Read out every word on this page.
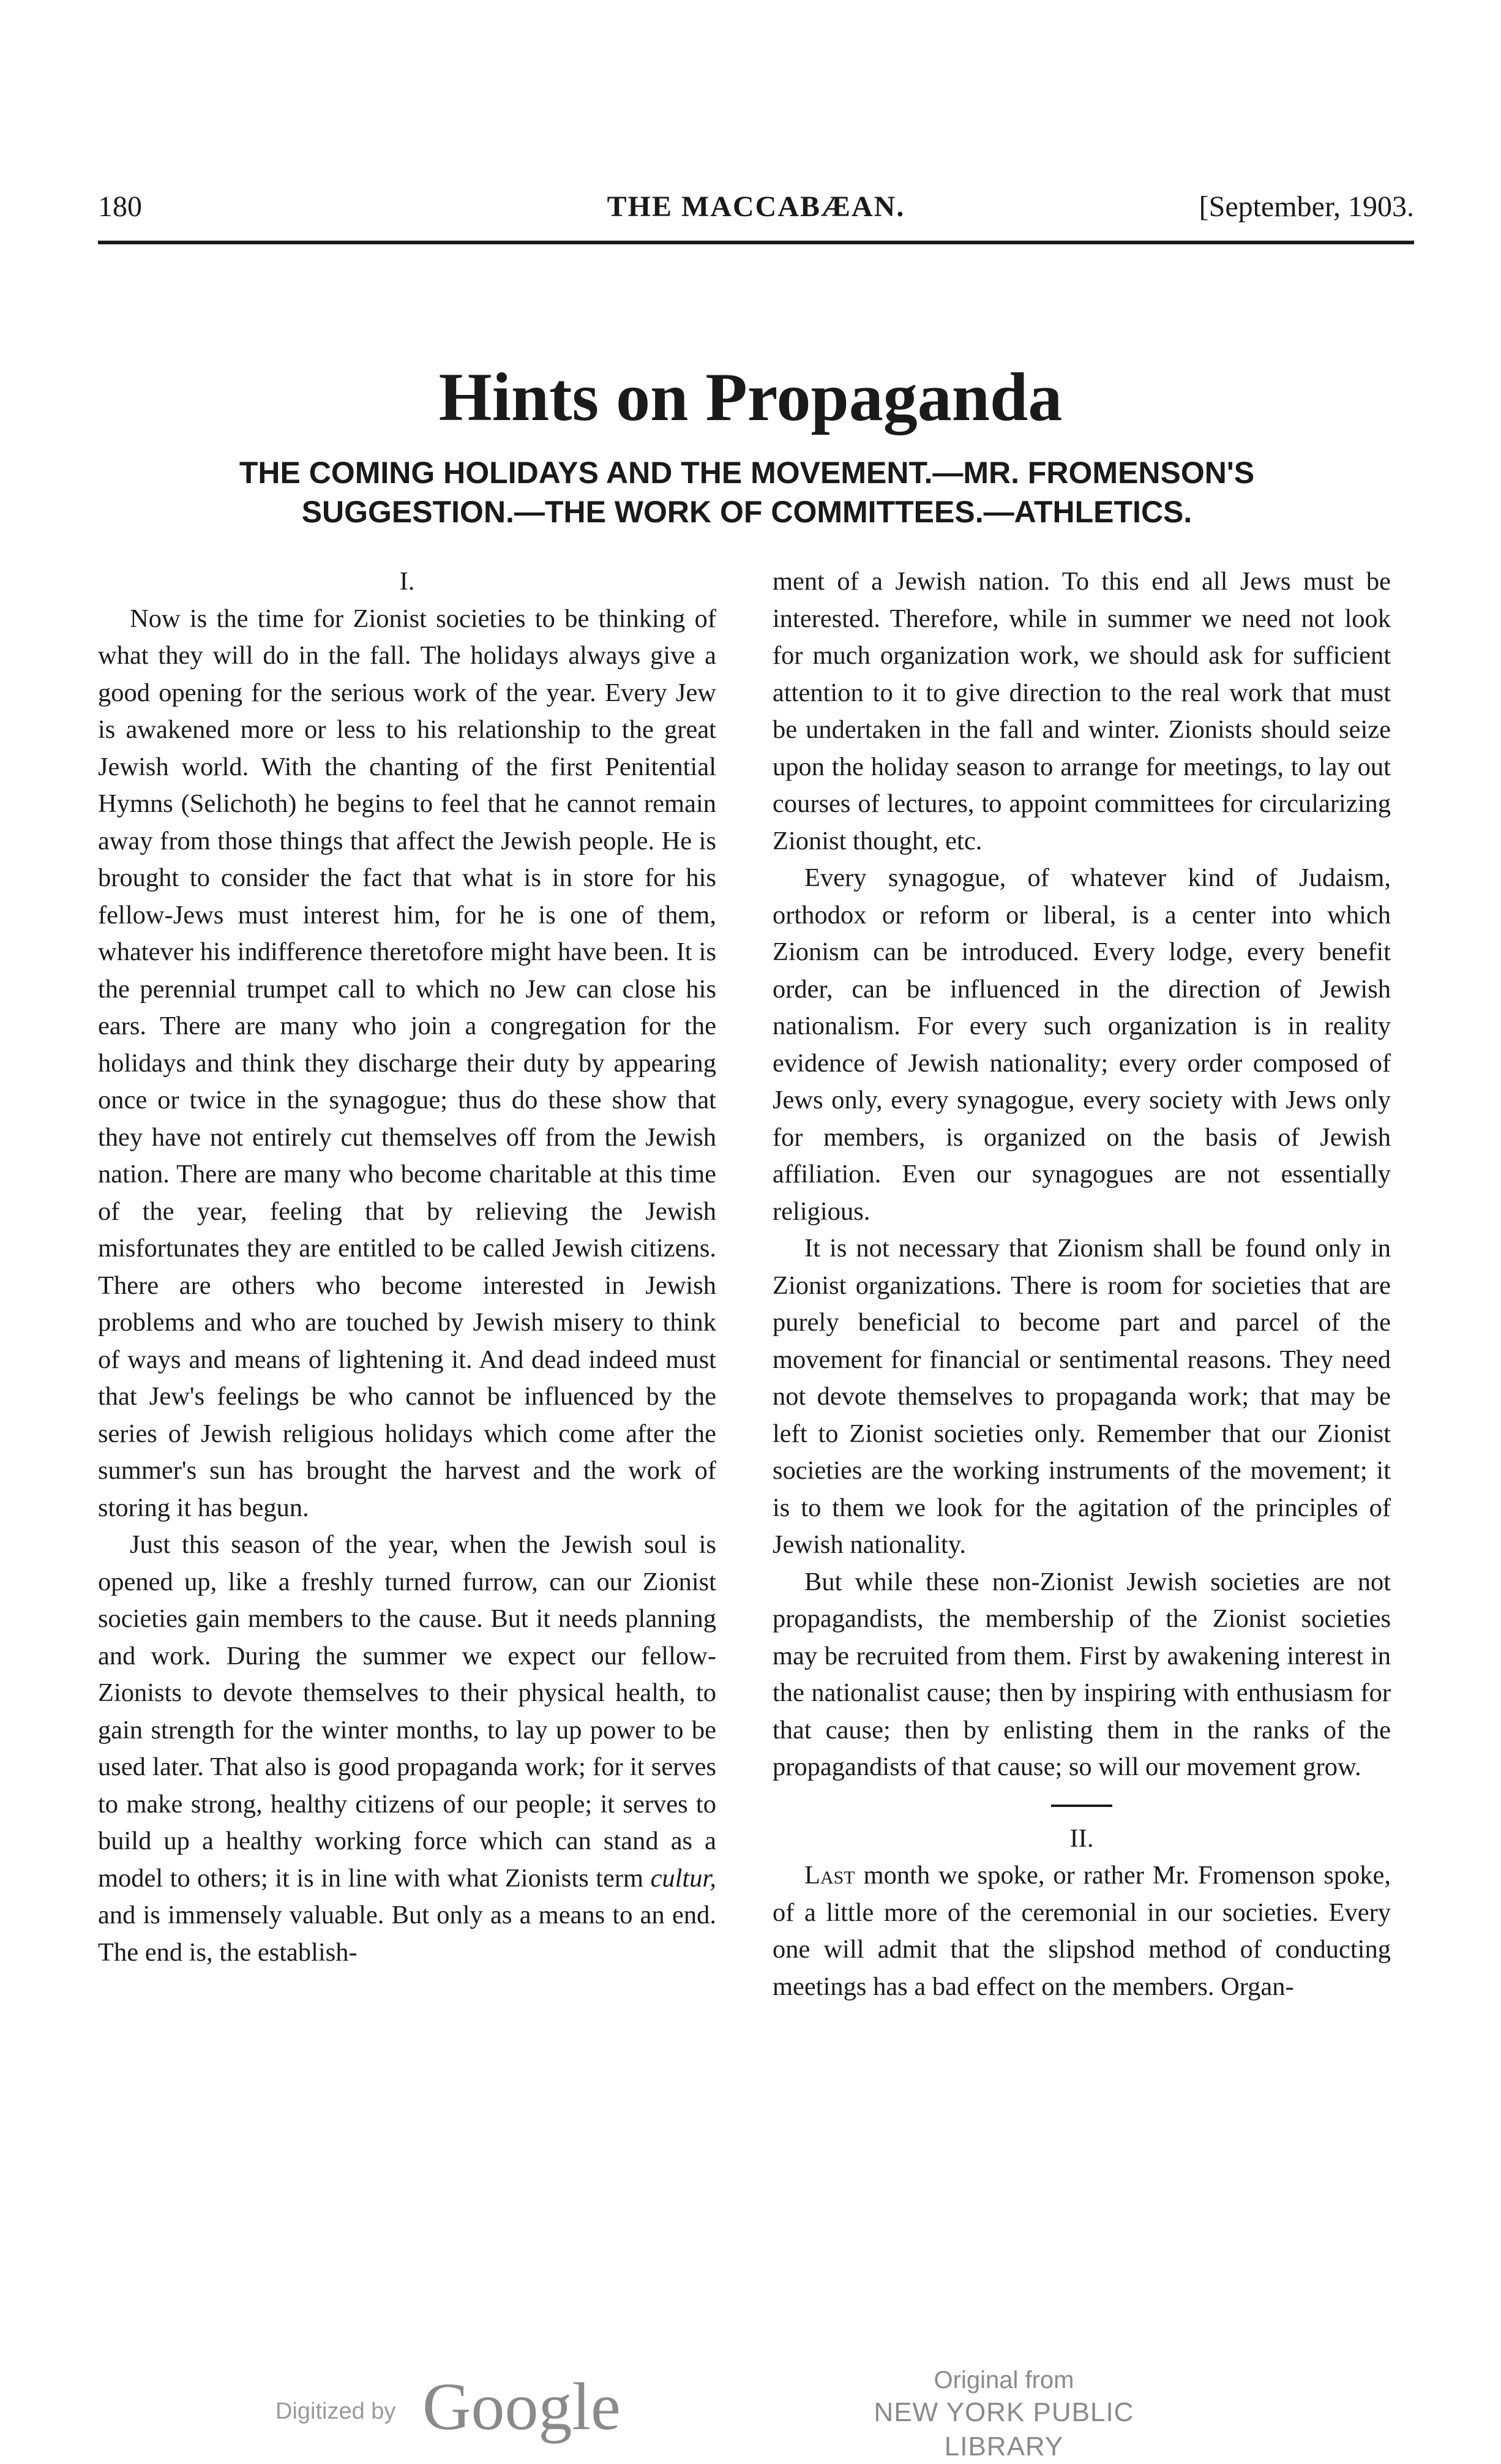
180	THE MACCABÆAN.	[September, 1903.
Hints on Propaganda
THE COMING HOLIDAYS AND THE MOVEMENT.—MR. FROMENSON'S SUGGESTION.—THE WORK OF COMMITTEES.—ATHLETICS.

I.

Now is the time for Zionist societies to be thinking of what they will do in the fall. The holidays always give a good opening for the serious work of the year. Every Jew is awakened more or less to his relationship to the great Jewish world. With the chanting of the first Penitential Hymns (Selichoth) he begins to feel that he cannot remain away from those things that affect the Jewish people. He is brought to consider the fact that what is in store for his fellow-Jews must interest him, for he is one of them, whatever his indifference theretofore might have been. It is the perennial trumpet call to which no Jew can close his ears. There are many who join a congregation for the holidays and think they discharge their duty by appearing once or twice in the synagogue; thus do these show that they have not entirely cut themselves off from the Jewish nation. There are many who become charitable at this time of the year, feeling that by relieving the Jewish misfortunates they are entitled to be called Jewish citizens. There are others who become interested in Jewish problems and who are touched by Jewish misery to think of ways and means of lightening it. And dead indeed must that Jew's feelings be who cannot be influenced by the series of Jewish religious holidays which come after the summer's sun has brought the harvest and the work of storing it has begun.

Just this season of the year, when the Jewish soul is opened up, like a freshly turned furrow, can our Zionist societies gain members to the cause. But it needs planning and work. During the summer we expect our fellow-Zionists to devote themselves to their physical health, to gain strength for the winter months, to lay up power to be used later. That also is good propaganda work; for it serves to make strong, healthy citizens of our people; it serves to build up a healthy working force which can stand as a model to others; it is in line with what Zionists term cultur, and is immensely valuable. But only as a means to an end. The end is, the establish-

ment of a Jewish nation. To this end all Jews must be interested. Therefore, while in summer we need not look for much organization work, we should ask for sufficient attention to it to give direction to the real work that must be undertaken in the fall and winter. Zionists should seize upon the holiday season to arrange for meetings, to lay out courses of lectures, to appoint committees for circularizing Zionist thought, etc.

Every synagogue, of whatever kind of Judaism, orthodox or reform or liberal, is a center into which Zionism can be introduced. Every lodge, every benefit order, can be influenced in the direction of Jewish nationalism. For every such organization is in reality evidence of Jewish nationality; every order composed of Jews only, every synagogue, every society with Jews only for members, is organized on the basis of Jewish affiliation. Even our synagogues are not essentially religious.

It is not necessary that Zionism shall be found only in Zionist organizations. There is room for societies that are purely beneficial to become part and parcel of the movement for financial or sentimental reasons. They need not devote themselves to propaganda work; that may be left to Zionist societies only. Remember that our Zionist societies are the working instruments of the movement; it is to them we look for the agitation of the principles of Jewish nationality.

But while these non-Zionist Jewish societies are not propagandists, the membership of the Zionist societies may be recruited from them. First by awakening interest in the nationalist cause; then by inspiring with enthusiasm for that cause; then by enlisting them in the ranks of the propagandists of that cause; so will our movement grow.

II.

Last month we spoke, or rather Mr. Fromenson spoke, of a little more of the ceremonial in our societies. Every one will admit that the slipshod method of conducting meetings has a bad effect on the members. Organ-

Digitized by Google	Original from
NEW YORK PUBLIC LIBRARY
